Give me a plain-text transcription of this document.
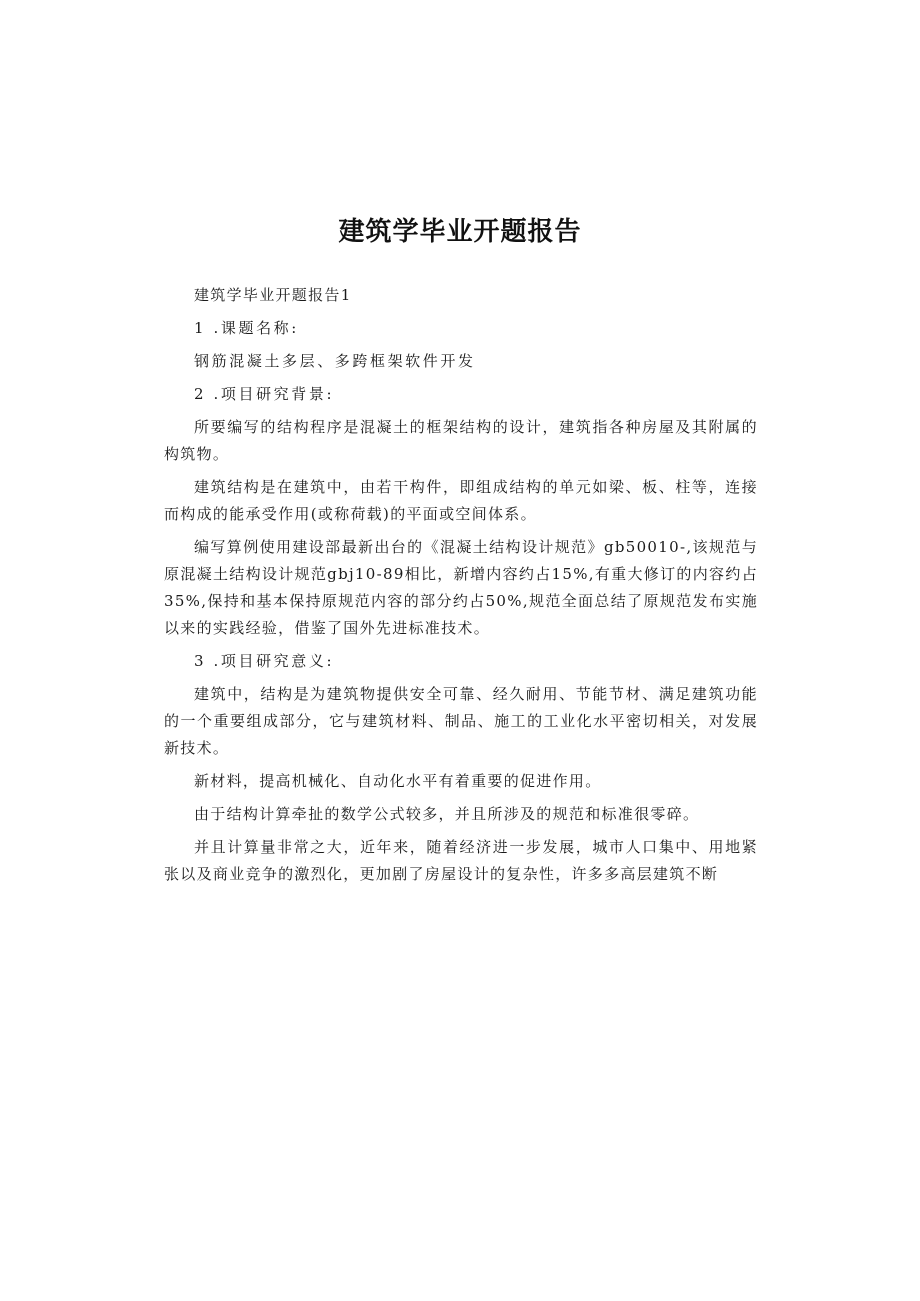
建筑学毕业开题报告

建筑学毕业开题报告1

1 .课题名称:

钢筋混凝土多层、多跨框架软件开发

2 .项目研究背景:

所要编写的结构程序是混凝土的框架结构的设计，建筑指各种房屋及其附属的构筑物。

建筑结构是在建筑中，由若干构件，即组成结构的单元如梁、板、柱等，连接而构成的能承受作用(或称荷载)的平面或空间体系。

编写算例使用建设部最新出台的《混凝土结构设计规范》gb50010-,该规范与原混凝土结构设计规范gbj10-89相比，新增内容约占15%,有重大修订的内容约占35%,保持和基本保持原规范内容的部分约占50%,规范全面总结了原规范发布实施以来的实践经验，借鉴了国外先进标准技术。

3 .项目研究意义:

建筑中，结构是为建筑物提供安全可靠、经久耐用、节能节材、满足建筑功能的一个重要组成部分，它与建筑材料、制品、施工的工业化水平密切相关，对发展新技术。

新材料，提高机械化、自动化水平有着重要的促进作用。

由于结构计算牵扯的数学公式较多，并且所涉及的规范和标准很零碎。

并且计算量非常之大，近年来，随着经济进一步发展，城市人口集中、用地紧张以及商业竞争的激烈化，更加剧了房屋设计的复杂性，许多多高层建筑不断
